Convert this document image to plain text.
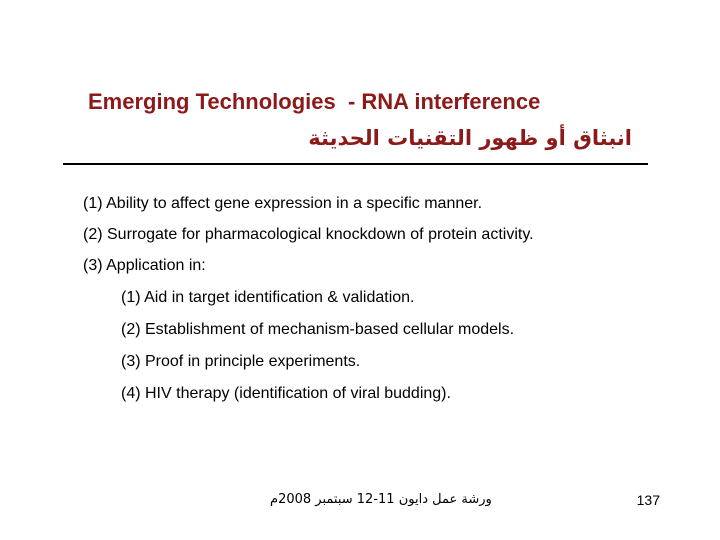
Emerging Technologies  - RNA interference
انبثاق أو ظهور التقنيات الحديثة
(1) Ability to affect gene expression in a specific manner.
(2) Surrogate for pharmacological knockdown of protein activity.
(3) Application in:
(1) Aid in target identification & validation.
(2) Establishment of mechanism-based cellular models.
(3) Proof in principle experiments.
(4) HIV therapy (identification of viral budding).
ورشة عمل دايون 11-12 سبتمبر 2008م	137
